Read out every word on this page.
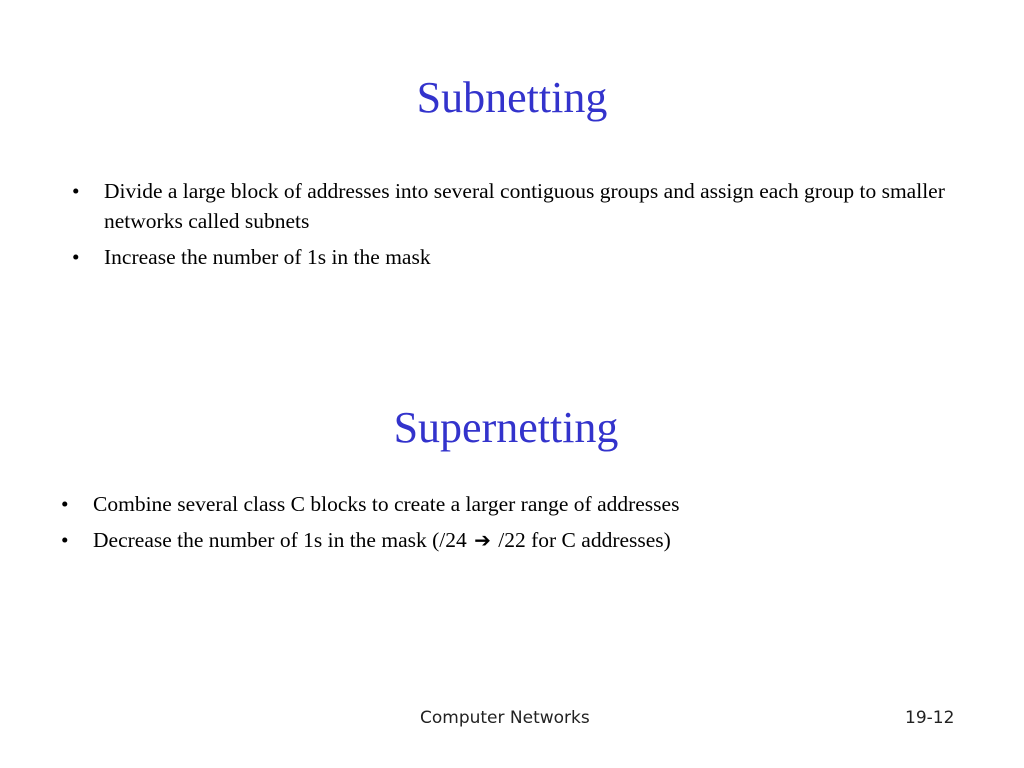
Subnetting
• Divide a large block of addresses into several contiguous groups and assign each group to smaller networks called subnets
• Increase the number of 1s in the mask
Supernetting
• Combine several class C blocks to create a larger range of addresses
• Decrease the number of 1s in the mask (/24 ➔ /22 for C addresses)
Computer Networks	19-12
